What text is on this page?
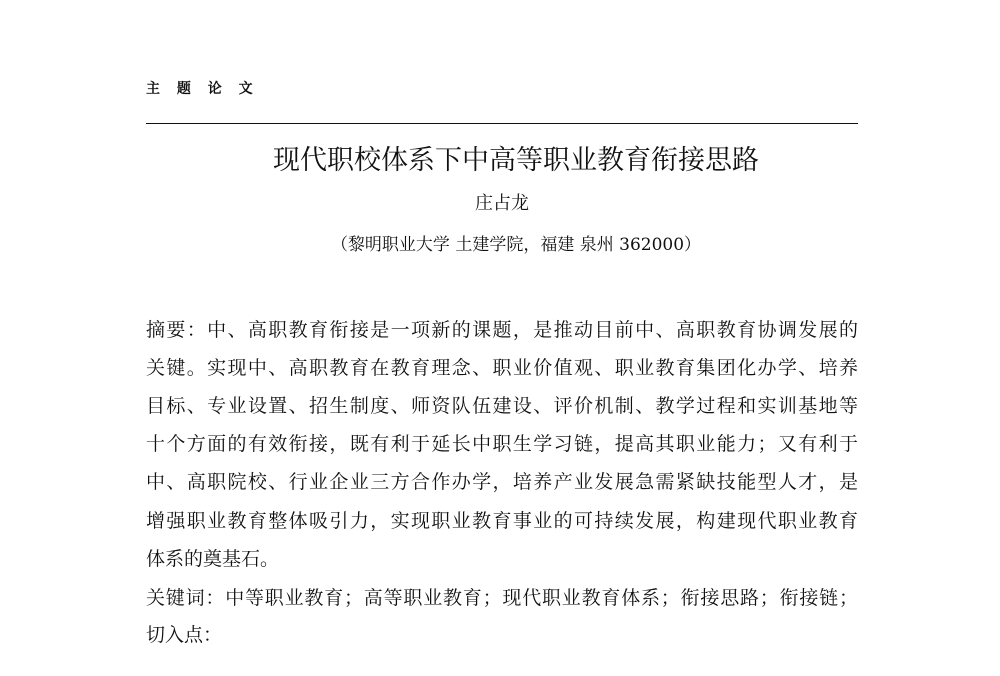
主 题 论 文
现代职校体系下中高等职业教育衔接思路
庄占龙
（黎明职业大学 土建学院，福建 泉州 362000）
摘要：中、高职教育衔接是一项新的课题，是推动目前中、高职教育协调发展的
关键。实现中、高职教育在教育理念、职业价值观、职业教育集团化办学、培养
目标、专业设置、招生制度、师资队伍建设、评价机制、教学过程和实训基地等
十个方面的有效衔接，既有利于延长中职生学习链，提高其职业能力；又有利于
中、高职院校、行业企业三方合作办学，培养产业发展急需紧缺技能型人才，是
增强职业教育整体吸引力，实现职业教育事业的可持续发展，构建现代职业教育
体系的奠基石。
关键词：中等职业教育；高等职业教育；现代职业教育体系；衔接思路；衔接链；
切入点：
